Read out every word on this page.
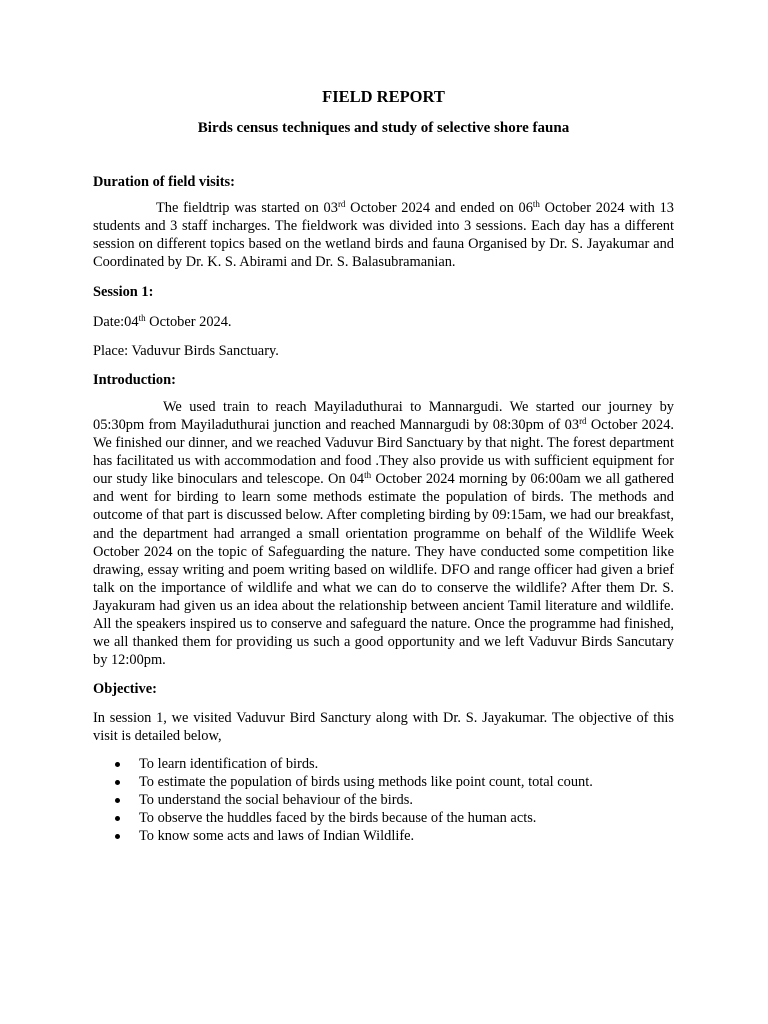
FIELD REPORT
Birds census techniques and study of selective shore fauna

Duration of field visits:

The fieldtrip was started on 03rd October 2024 and ended on 06th October 2024 with 13 students and 3 staff incharges. The fieldwork was divided into 3 sessions. Each day has a different session on different topics based on the wetland birds and fauna Organised by Dr. S. Jayakumar and Coordinated by Dr. K. S. Abirami and Dr. S. Balasubramanian.

Session 1:

Date:04th October 2024.

Place: Vaduvur Birds Sanctuary.

Introduction:

We used train to reach Mayiladuthurai to Mannargudi. We started our journey by 05:30pm from Mayiladuthurai junction and reached Mannargudi by 08:30pm of 03rd October 2024. We finished our dinner, and we reached Vaduvur Bird Sanctuary by that night. The forest department has facilitated us with accommodation and food .They also provide us with sufficient equipment for our study like binoculars and telescope. On 04th October 2024 morning by 06:00am we all gathered and went for birding to learn some methods estimate the population of birds. The methods and outcome of that part is discussed below. After completing birding by 09:15am, we had our breakfast, and the department had arranged a small orientation programme on behalf of the Wildlife Week October 2024 on the topic of Safeguarding the nature. They have conducted some competition like drawing, essay writing and poem writing based on wildlife. DFO and range officer had given a brief talk on the importance of wildlife and what we can do to conserve the wildlife? After them Dr. S. Jayakuram had given us an idea about the relationship between ancient Tamil literature and wildlife. All the speakers inspired us to conserve and safeguard the nature. Once the programme had finished, we all thanked them for providing us such a good opportunity and we left Vaduvur Birds Sancutary by 12:00pm.

Objective:

In session 1, we visited Vaduvur Bird Sanctury along with Dr. S. Jayakumar. The objective of this visit is detailed below,

To learn identification of birds.
To estimate the population of birds using methods like point count, total count.
To understand the social behaviour of the birds.
To observe the huddles faced by the birds because of the human acts.
To know some acts and laws of Indian Wildlife.
